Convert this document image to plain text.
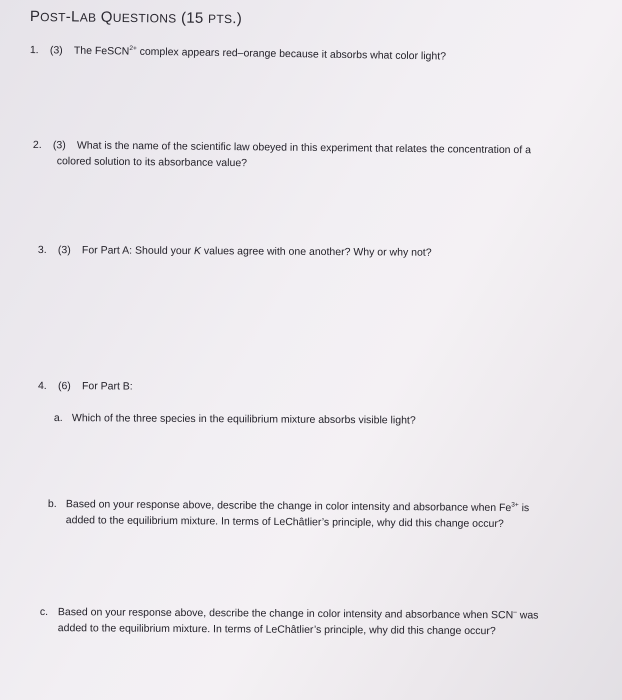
POST-LAB QUESTIONS (15 PTS.)
1. (3) The FeSCN$^{2+}$ complex appears red–orange because it absorbs what color light?
2. (3) What is the name of the scientific law obeyed in this experiment that relates the concentration of a
colored solution to its absorbance value?
3. (3) For Part A: Should your K values agree with one another? Why or why not?
4. (6) For Part B:
a. Which of the three species in the equilibrium mixture absorbs visible light?
b. Based on your response above, describe the change in color intensity and absorbance when $Fe^{3+}$ is
added to the equilibrium mixture. In terms of LeChâtlier’s principle, why did this change occur?
c. Based on your response above, describe the change in color intensity and absorbance when SCN– was
added to the equilibrium mixture. In terms of LeChâtlier’s principle, why did this change occur?
